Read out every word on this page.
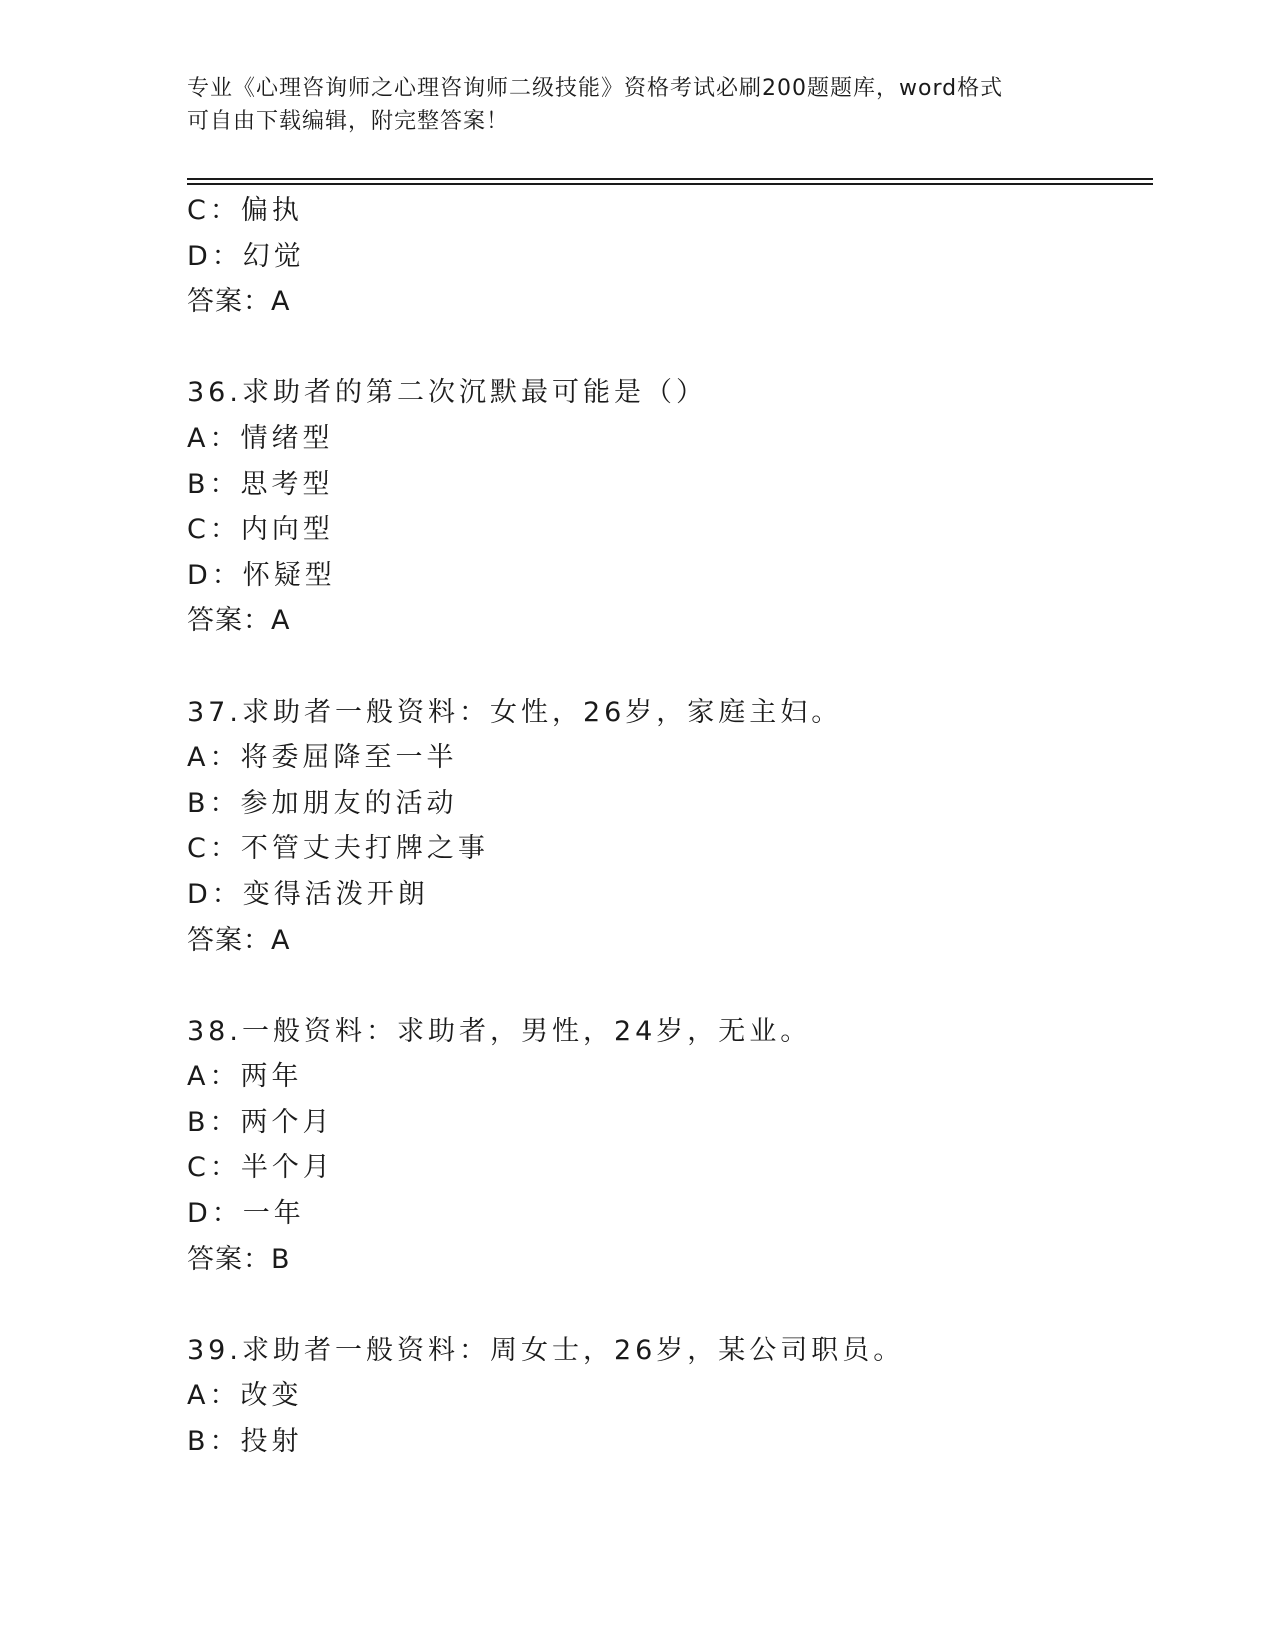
专业《心理咨询师之心理咨询师二级技能》资格考试必刷200题题库，word格式
可自由下载编辑，附完整答案！
C：偏执
D：幻觉
答案：A
36.求助者的第二次沉默最可能是（）
A：情绪型
B：思考型
C：内向型
D：怀疑型
答案：A
37.求助者一般资料：女性，26岁，家庭主妇。
A：将委屈降至一半
B：参加朋友的活动
C：不管丈夫打牌之事
D：变得活泼开朗
答案：A
38.一般资料：求助者，男性，24岁，无业。
A：两年
B：两个月
C：半个月
D：一年
答案：B
39.求助者一般资料：周女士，26岁，某公司职员。
A：改变
B：投射
